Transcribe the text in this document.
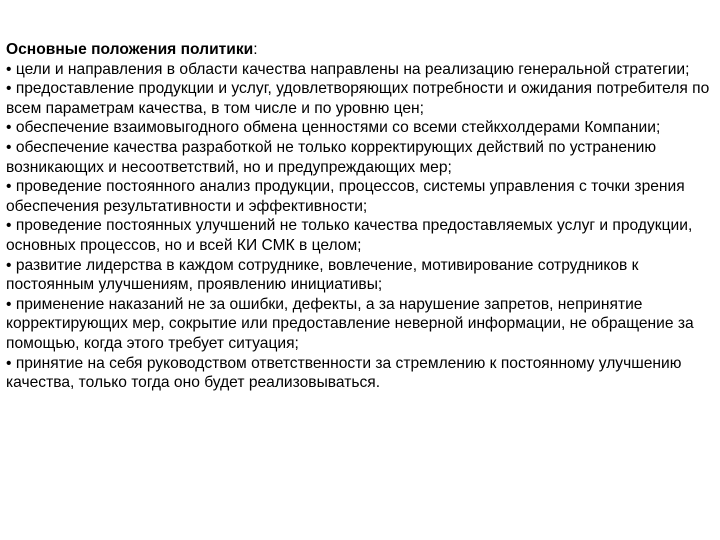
Основные положения политики:

• цели и направления в области качества направлены на реализацию генеральной стратегии;

• предоставление продукции и услуг, удовлетворяющих потребности и ожидания потребителя по всем параметрам качества, в том числе и по уровню цен;

• обеспечение взаимовыгодного обмена ценностями со всеми стейкхолдерами Компании;

• обеспечение качества разработкой не только корректирующих действий по устранению возникающих и несоответствий, но и предупреждающих мер;

• проведение постоянного анализ продукции, процессов, системы управления с точки зрения обеспечения результативности и эффективности;

• проведение постоянных улучшений не только качества предоставляемых услуг и продукции, основных процессов, но и всей КИ СМК в целом;

• развитие лидерства в каждом сотруднике, вовлечение, мотивирование сотрудников к постоянным улучшениям, проявлению инициативы;

• применение наказаний не за ошибки, дефекты, а за нарушение запретов, непринятие корректирующих мер, сокрытие или предоставление неверной информации, не обращение за помощью, когда этого требует ситуация;

• принятие на себя руководством ответственности за стремлению к постоянному улучшению качества, только тогда оно будет реализовываться.
